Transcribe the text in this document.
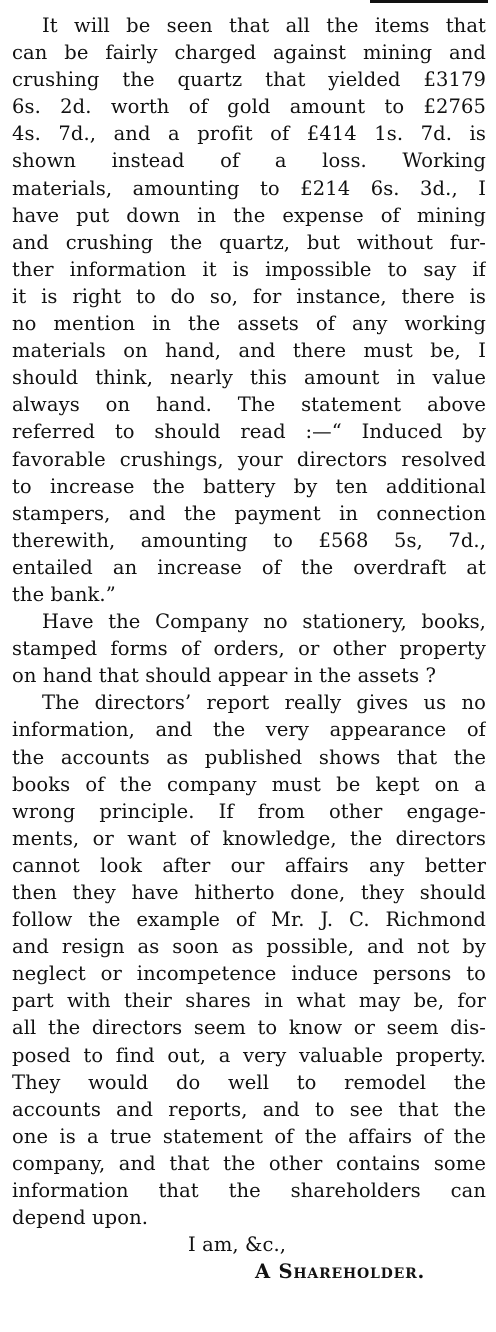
It will be seen that all the items that
can be fairly charged against mining and
crushing the quartz that yielded £3179
6s. 2d. worth of gold amount to £2765
4s. 7d., and a profit of £414 1s. 7d. is
shown instead of a loss. Working
materials, amounting to £214 6s. 3d., I
have put down in the expense of mining
and crushing the quartz, but without fur-
ther information it is impossible to say if
it is right to do so, for instance, there is
no mention in the assets of any working
materials on hand, and there must be, I
should think, nearly this amount in value
always on hand. The statement above
referred to should read :—“ Induced by
favorable crushings, your directors resolved
to increase the battery by ten additional
stampers, and the payment in connection
therewith, amounting to £568 5s, 7d.,
entailed an increase of the overdraft at
the bank.”
Have the Company no stationery, books,
stamped forms of orders, or other property
on hand that should appear in the assets ?
The directors’ report really gives us no
information, and the very appearance of
the accounts as published shows that the
books of the company must be kept on a
wrong principle. If from other engage-
ments, or want of knowledge, the directors
cannot look after our affairs any better
then they have hitherto done, they should
follow the example of Mr. J. C. Richmond
and resign as soon as possible, and not by
neglect or incompetence induce persons to
part with their shares in what may be, for
all the directors seem to know or seem dis-
posed to find out, a very valuable property.
They would do well to remodel the
accounts and reports, and to see that the
one is a true statement of the affairs of the
company, and that the other contains some
information that the shareholders can
depend upon.
I am, &c.,
A Shareholder.
